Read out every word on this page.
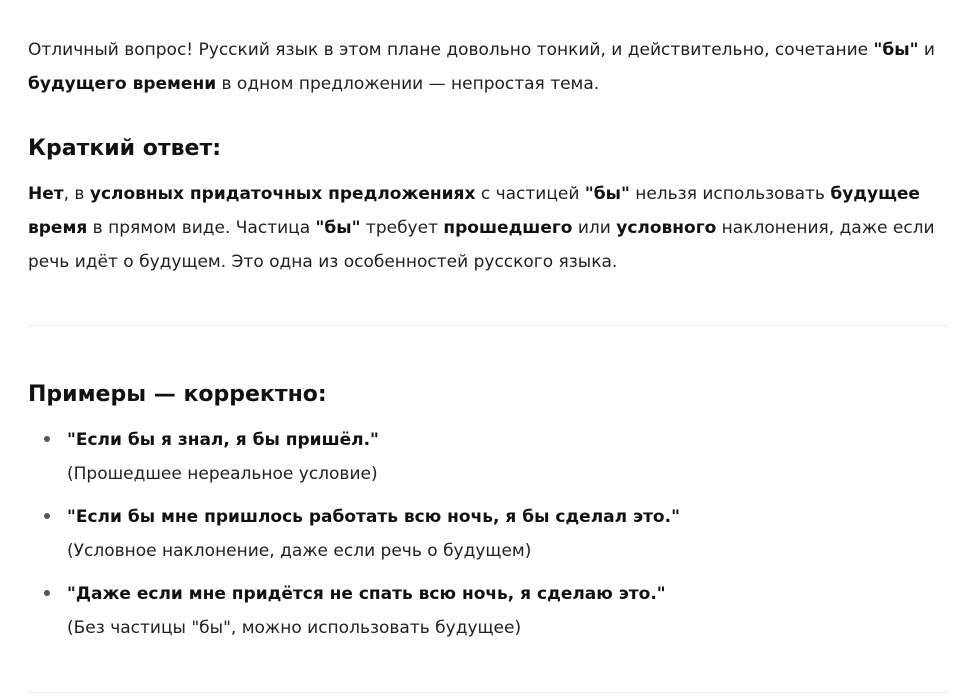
Отличный вопрос! Русский язык в этом плане довольно тонкий, и действительно, сочетание "бы" и будущего времени в одном предложении — непростая тема.

Краткий ответ:

Нет, в условных придаточных предложениях с частицей "бы" нельзя использовать будущее время в прямом виде. Частица "бы" требует прошедшего или условного наклонения, даже если речь идёт о будущем. Это одна из особенностей русского языка.

Примеры — корректно:
"Если бы я знал, я бы пришёл."
(Прошедшее нереальное условие)
"Если бы мне пришлось работать всю ночь, я бы сделал это."
(Условное наклонение, даже если речь о будущем)
"Даже если мне придётся не спать всю ночь, я сделаю это."
(Без частицы "бы", можно использовать будущее)
